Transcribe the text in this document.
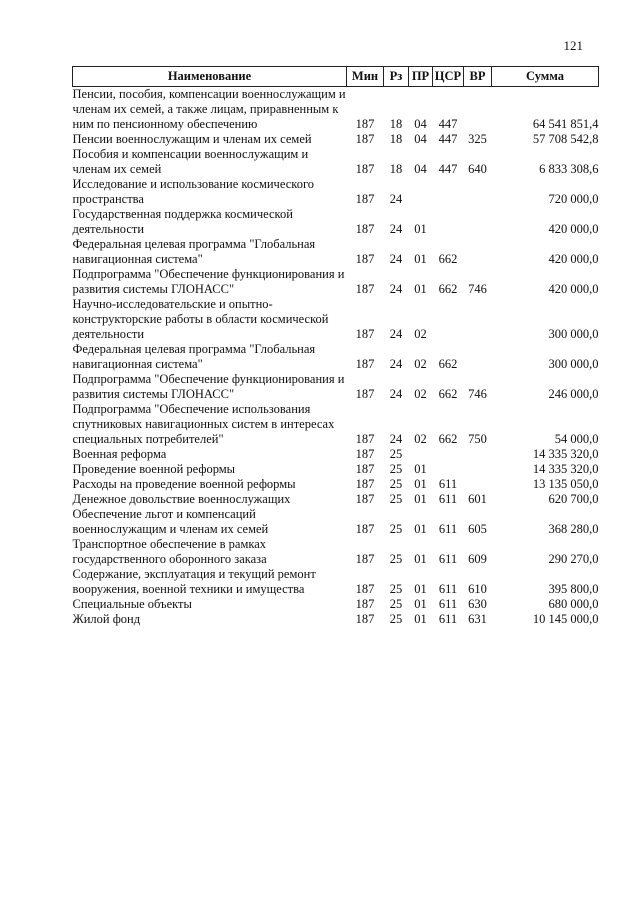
121
Наименование	Мин	Рз	ПР	ЦСР	ВР	Сумма
Пенсии, пособия, компенсации военнослужащим и членам их семей, а также лицам, приравненным к ним по пенсионному обеспечению	187	18	04	447		64 541 851,4
Пенсии военнослужащим и членам их семей	187	18	04	447	325	57 708 542,8
Пособия и компенсации военнослужащим и членам их семей	187	18	04	447	640	6 833 308,6
Исследование и использование космического пространства	187	24				720 000,0
Государственная поддержка космической деятельности	187	24	01			420 000,0
Федеральная целевая программа "Глобальная навигационная система"	187	24	01	662		420 000,0
Подпрограмма "Обеспечение функционирования и развития системы ГЛОНАСС"	187	24	01	662	746	420 000,0
Научно-исследовательские и опытно-конструкторские работы в области космической деятельности	187	24	02			300 000,0
Федеральная целевая программа "Глобальная навигационная система"	187	24	02	662		300 000,0
Подпрограмма "Обеспечение функционирования и развития системы ГЛОНАСС"	187	24	02	662	746	246 000,0
Подпрограмма "Обеспечение использования спутниковых навигационных систем в интересах специальных потребителей"	187	24	02	662	750	54 000,0
Военная реформа	187	25				14 335 320,0
Проведение военной реформы	187	25	01			14 335 320,0
Расходы на проведение военной реформы	187	25	01	611		13 135 050,0
Денежное довольствие военнослужащих	187	25	01	611	601	620 700,0
Обеспечение льгот и компенсаций военнослужащим и членам их семей	187	25	01	611	605	368 280,0
Транспортное обеспечение в рамках государственного оборонного заказа	187	25	01	611	609	290 270,0
Содержание, эксплуатация и текущий ремонт вооружения, военной техники и имущества	187	25	01	611	610	395 800,0
Специальные объекты	187	25	01	611	630	680 000,0
Жилой фонд	187	25	01	611	631	10 145 000,0
